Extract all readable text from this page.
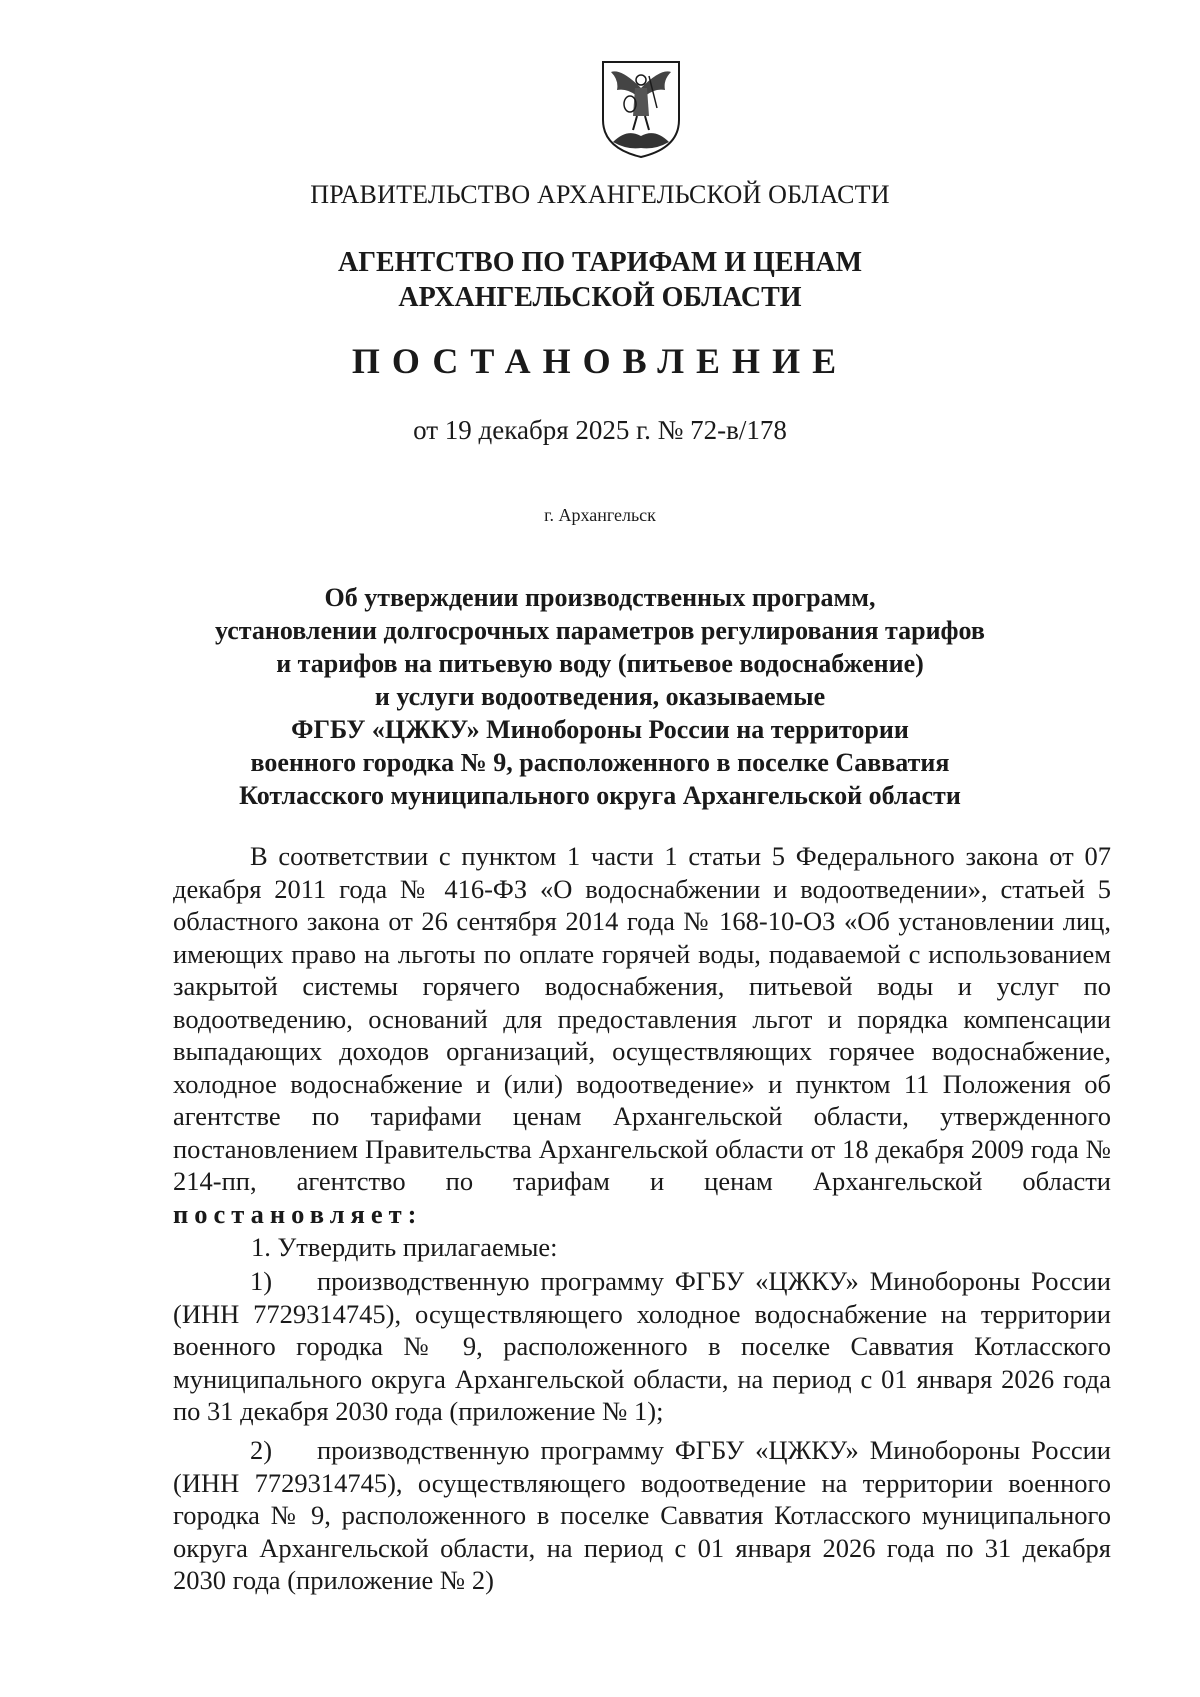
ПРАВИТЕЛЬСТВО АРХАНГЕЛЬСКОЙ ОБЛАСТИ
АГЕНТСТВО ПО ТАРИФАМ И ЦЕНАМ
АРХАНГЕЛЬСКОЙ ОБЛАСТИ
ПОСТАНОВЛЕНИЕ
от 19 декабря 2025 г. № 72-в/178
г. Архангельск
Об утверждении производственных программ,
установлении долгосрочных параметров регулирования тарифов
и тарифов на питьевую воду (питьевое водоснабжение)
и услуги водоотведения, оказываемые
ФГБУ «ЦЖКУ» Минобороны России на территории
военного городка № 9, расположенного в поселке Савватия
Котласского муниципального округа Архангельской области
В соответствии с пунктом 1 части 1 статьи 5 Федерального закона от 07 декабря 2011 года № 416-ФЗ «О водоснабжении и водоотведении», статьей 5 областного закона от 26 сентября 2014 года № 168-10-ОЗ «Об установлении лиц, имеющих право на льготы по оплате горячей воды, подаваемой с использованием закрытой системы горячего водоснабжения, питьевой воды и услуг по водоотведению, оснований для предоставления льгот и порядка компенсации выпадающих доходов организаций, осуществляющих горячее водоснабжение, холодное водоснабжение и (или) водоотведение» и пунктом 11 Положения об агентстве по тарифами ценам Архангельской области, утвержденного постановлением Правительства Архангельской области от 18 декабря 2009 года № 214-пп, агентство по тарифам и ценам Архангельской области постановляет:
1. Утвердить прилагаемые:
1) производственную программу ФГБУ «ЦЖКУ» Минобороны России (ИНН 7729314745), осуществляющего холодное водоснабжение на территории военного городка № 9, расположенного в поселке Савватия Котласского муниципального округа Архангельской области, на период с 01 января 2026 года по 31 декабря 2030 года (приложение № 1);
2) производственную программу ФГБУ «ЦЖКУ» Минобороны России (ИНН 7729314745), осуществляющего водоотведение на территории военного городка № 9, расположенного в поселке Савватия Котласского муниципального округа Архангельской области, на период с 01 января 2026 года по 31 декабря 2030 года (приложение № 2)
